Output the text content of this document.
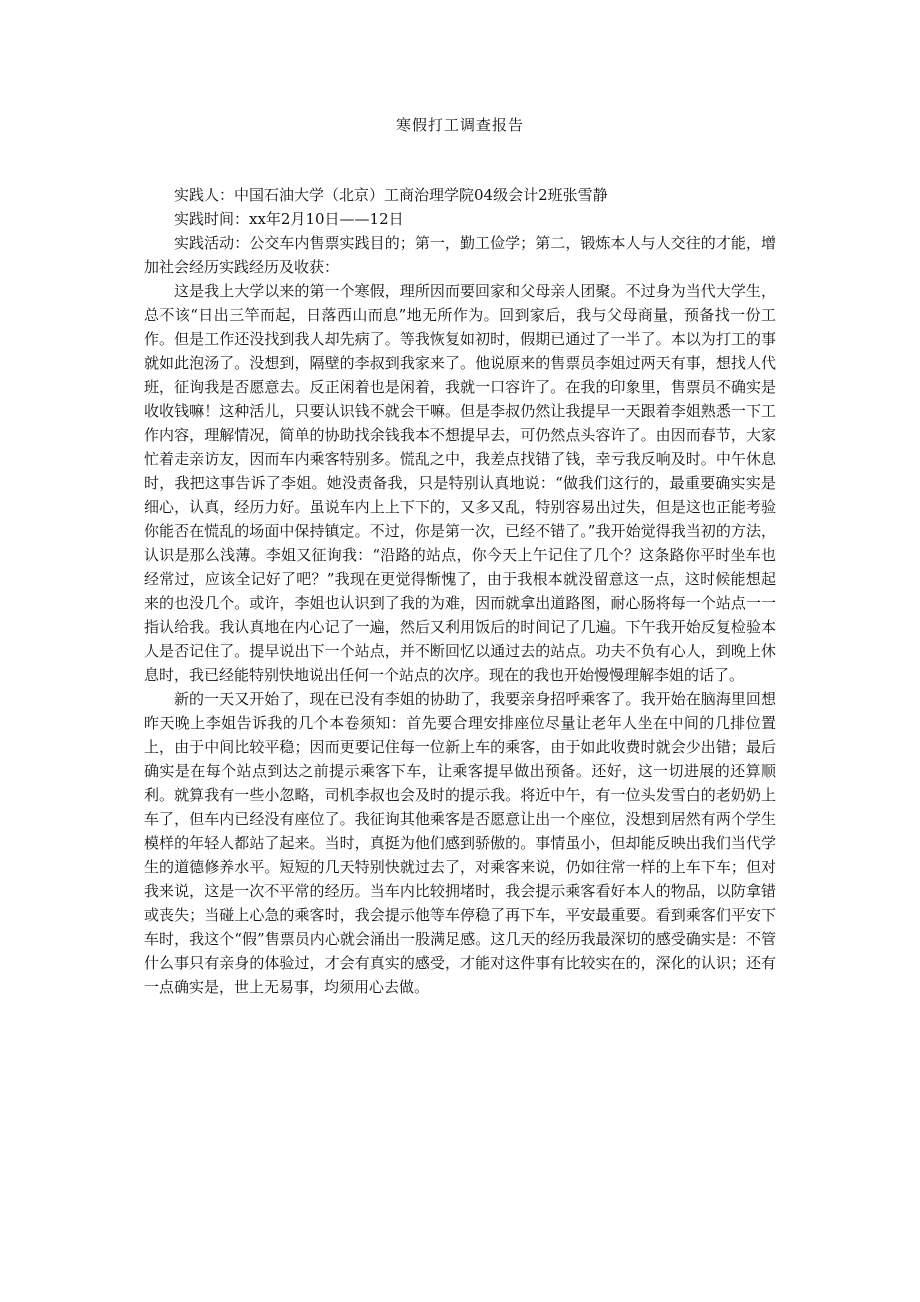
寒假打工调查报告

实践人：中国石油大学（北京）工商治理学院04级会计2班张雪静

实践时间：xx年2月10日——12日

实践活动：公交车内售票实践目的；第一，勤工俭学；第二，锻炼本人与人交往的才能，增加社会经历实践经历及收获：

这是我上大学以来的第一个寒假，理所因而要回家和父母亲人团聚。不过身为当代大学生，总不该“日出三竿而起，日落西山而息”地无所作为。回到家后，我与父母商量，预备找一份工作。但是工作还没找到我人却先病了。等我恢复如初时，假期已通过了一半了。本以为打工的事就如此泡汤了。没想到，隔壁的李叔到我家来了。他说原来的售票员李姐过两天有事，想找人代班，征询我是否愿意去。反正闲着也是闲着，我就一口容许了。在我的印象里，售票员不确实是收收钱嘛！这种活儿，只要认识钱不就会干嘛。但是李叔仍然让我提早一天跟着李姐熟悉一下工作内容，理解情况，简单的协助找余钱我本不想提早去，可仍然点头容许了。由因而春节，大家忙着走亲访友，因而车内乘客特别多。慌乱之中，我差点找错了钱，幸亏我反响及时。中午休息时，我把这事告诉了李姐。她没责备我，只是特别认真地说：“做我们这行的，最重要确实实是细心，认真，经历力好。虽说车内上上下下的，又多又乱，特别容易出过失，但是这也正能考验你能否在慌乱的场面中保持镇定。不过，你是第一次，已经不错了。”我开始觉得我当初的方法，认识是那么浅薄。李姐又征询我：“沿路的站点，你今天上午记住了几个？这条路你平时坐车也经常过，应该全记好了吧？”我现在更觉得惭愧了，由于我根本就没留意这一点，这时候能想起来的也没几个。或许，李姐也认识到了我的为难，因而就拿出道路图，耐心肠将每一个站点一一指认给我。我认真地在内心记了一遍，然后又利用饭后的时间记了几遍。下午我开始反复检验本人是否记住了。提早说出下一个站点，并不断回忆以通过去的站点。功夫不负有心人，到晚上休息时，我已经能特别快地说出任何一个站点的次序。现在的我也开始慢慢理解李姐的话了。

新的一天又开始了，现在已没有李姐的协助了，我要亲身招呼乘客了。我开始在脑海里回想昨天晚上李姐告诉我的几个本卷须知：首先要合理安排座位尽量让老年人坐在中间的几排位置上，由于中间比较平稳；因而更要记住每一位新上车的乘客，由于如此收费时就会少出错；最后确实是在每个站点到达之前提示乘客下车，让乘客提早做出预备。还好，这一切进展的还算顺利。就算我有一些小忽略，司机李叔也会及时的提示我。将近中午，有一位头发雪白的老奶奶上车了，但车内已经没有座位了。我征询其他乘客是否愿意让出一个座位，没想到居然有两个学生模样的年轻人都站了起来。当时，真挺为他们感到骄傲的。事情虽小，但却能反映出我们当代学生的道德修养水平。短短的几天特别快就过去了，对乘客来说，仍如往常一样的上车下车；但对我来说，这是一次不平常的经历。当车内比较拥堵时，我会提示乘客看好本人的物品，以防拿错或丧失；当碰上心急的乘客时，我会提示他等车停稳了再下车，平安最重要。看到乘客们平安下车时，我这个“假”售票员内心就会涌出一股满足感。这几天的经历我最深切的感受确实是：不管什么事只有亲身的体验过，才会有真实的感受，才能对这件事有比较实在的，深化的认识；还有一点确实是，世上无易事，均须用心去做。
